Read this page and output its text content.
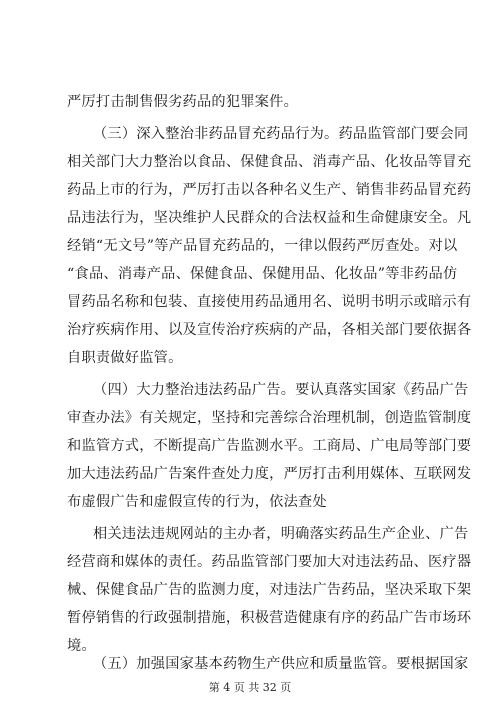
严厉打击制售假劣药品的犯罪案件。
（三）深入整治非药品冒充药品行为。药品监管部门要会同
相关部门大力整治以食品、保健食品、消毒产品、化妆品等冒充
药品上市的行为，严厉打击以各种名义生产、销售非药品冒充药
品违法行为，坚决维护人民群众的合法权益和生命健康安全。凡
经销“无文号”等产品冒充药品的，一律以假药严厉查处。对以
“食品、消毒产品、保健食品、保健用品、化妆品”等非药品仿
冒药品名称和包装、直接使用药品通用名、说明书明示或暗示有
治疗疾病作用、以及宣传治疗疾病的产品，各相关部门要依据各
自职责做好监管。
（四）大力整治违法药品广告。要认真落实国家《药品广告
审查办法》有关规定，坚持和完善综合治理机制，创造监管制度
和监管方式，不断提高广告监测水平。工商局、广电局等部门要
加大违法药品广告案件查处力度，严厉打击利用媒体、互联网发
布虚假广告和虚假宣传的行为，依法查处
相关违法违规网站的主办者，明确落实药品生产企业、广告
经营商和媒体的责任。药品监管部门要加大对违法药品、医疗器
械、保健食品广告的监测力度，对违法广告药品，坚决采取下架
暂停销售的行政强制措施，积极营造健康有序的药品广告市场环
境。
第 4 页 共 32 页
（五）加强国家基本药物生产供应和质量监管。要根据国家
